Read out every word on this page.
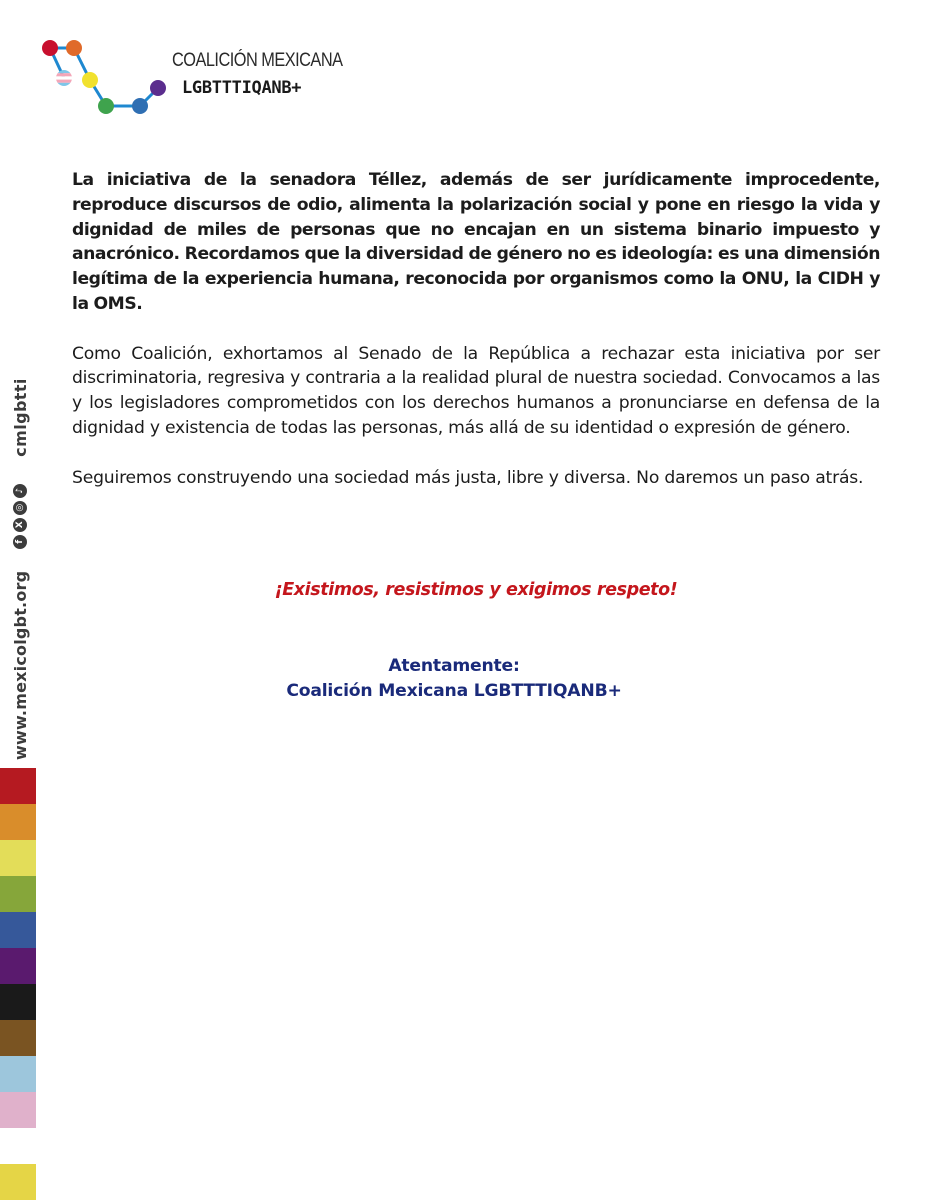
COALICIÓN MEXICANA
LGBTTTIQANB+

La iniciativa de la senadora Téllez, además de ser jurídicamente improcedente, reproduce discursos de odio, alimenta la polarización social y pone en riesgo la vida y dignidad de miles de personas que no encajan en un sistema binario impuesto y anacrónico. Recordamos que la diversidad de género no es ideología: es una dimensión legítima de la experiencia humana, reconocida por organismos como la ONU, la CIDH y la OMS.

Como Coalición, exhortamos al Senado de la República a rechazar esta iniciativa por ser discriminatoria, regresiva y contraria a la realidad plural de nuestra sociedad. Convocamos a las y los legisladores comprometidos con los derechos humanos a pronunciarse en defensa de la dignidad y existencia de todas las personas, más allá de su identidad o expresión de género.

Seguiremos construyendo una sociedad más justa, libre y diversa. No daremos un paso atrás.

¡Existimos, resistimos y exigimos respeto!
Atentamente:
Coalición Mexicana LGBTTTIQANB+
www.mexicolgbt.org
f
X
◎
♪
cmlgbtti
